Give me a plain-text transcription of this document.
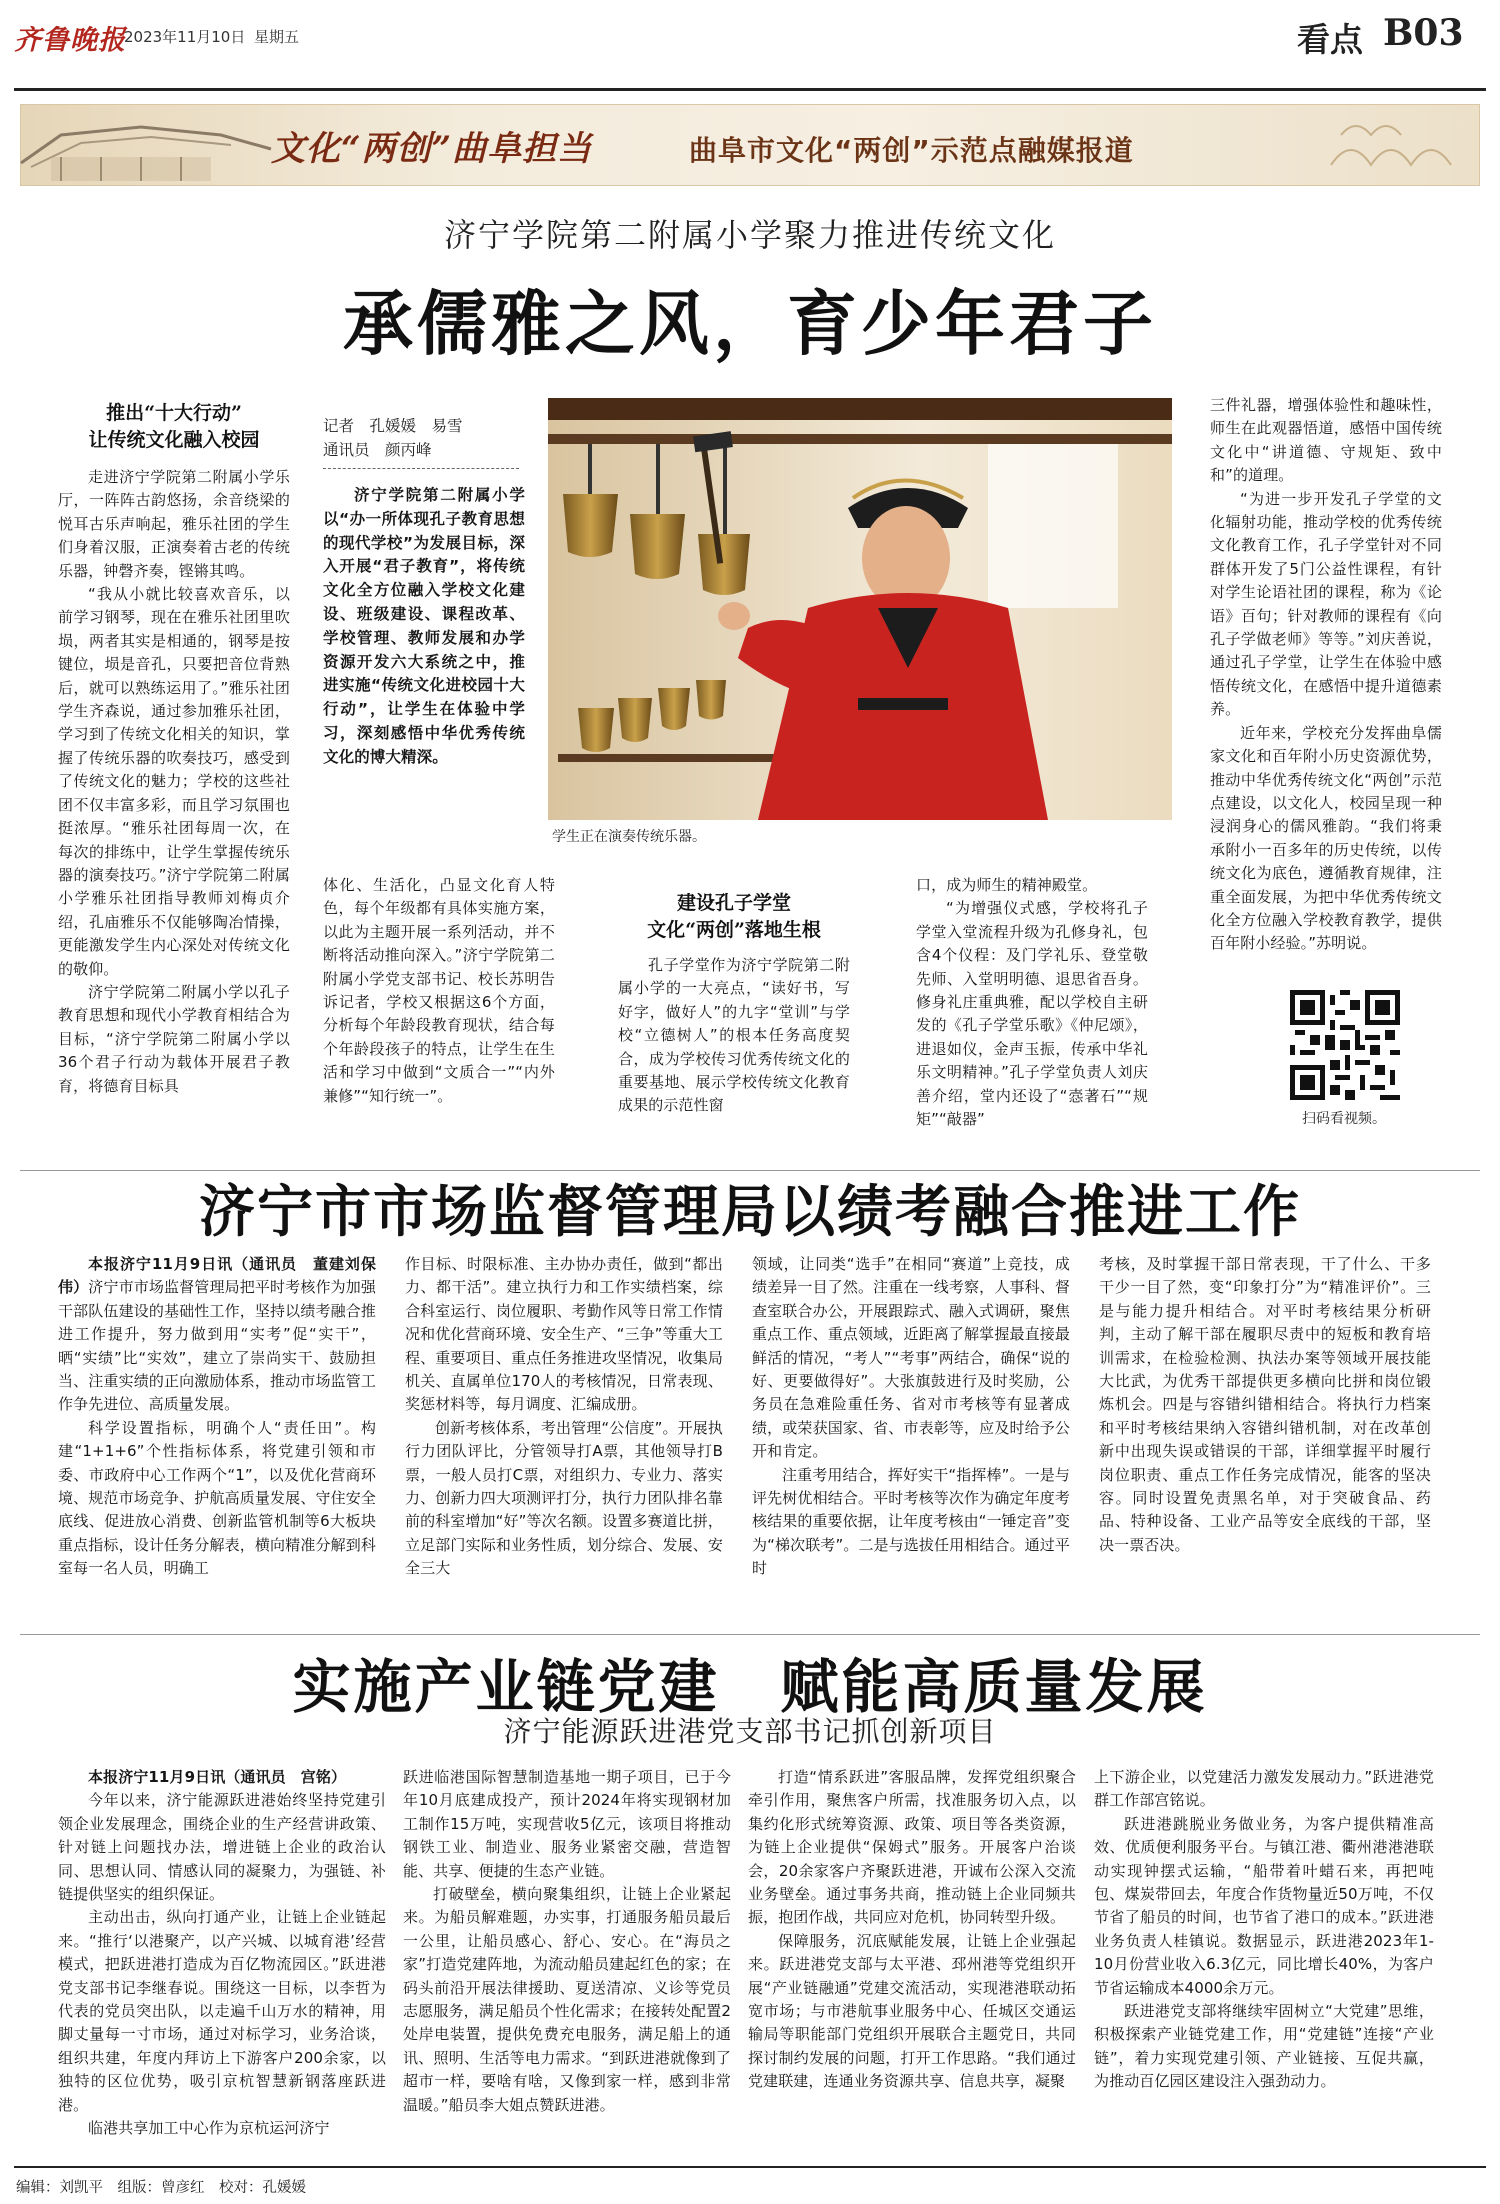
齐鲁晚报
2023年11月10日 星期五	看点 B03
文化“两创”曲阜担当	曲阜市文化“两创”示范点融媒报道
济宁学院第二附属小学聚力推进传统文化
承儒雅之风，育少年君子
推出“十大行动”
让传统文化融入校园

走进济宁学院第二附属小学乐厅，一阵阵古韵悠扬，余音绕梁的悦耳古乐声响起，雅乐社团的学生们身着汉服，正演奏着古老的传统乐器，钟磬齐奏，铿锵其鸣。

“我从小就比较喜欢音乐，以前学习钢琴，现在在雅乐社团里吹埙，两者其实是相通的，钢琴是按键位，埙是音孔，只要把音位背熟后，就可以熟练运用了。”雅乐社团学生齐森说，通过参加雅乐社团，学习到了传统文化相关的知识，掌握了传统乐器的吹奏技巧，感受到了传统文化的魅力；学校的这些社团不仅丰富多彩，而且学习氛围也挺浓厚。“雅乐社团每周一次，在每次的排练中，让学生掌握传统乐器的演奏技巧。”济宁学院第二附属小学雅乐社团指导教师刘梅贞介绍，孔庙雅乐不仅能够陶冶情操，更能激发学生内心深处对传统文化的敬仰。

济宁学院第二附属小学以孔子教育思想和现代小学教育相结合为目标，“济宁学院第二附属小学以36个君子行动为载体开展君子教育，将德育目标具

记者　孔媛媛　易雪
通讯员　颜丙峰

济宁学院第二附属小学以“办一所体现孔子教育思想的现代学校”为发展目标，深入开展“君子教育”，将传统文化全方位融入学校文化建设、班级建设、课程改革、学校管理、教师发展和办学资源开发六大系统之中，推进实施“传统文化进校园十大行动”，让学生在体验中学习，深刻感悟中华优秀传统文化的博大精深。

学生正在演奏传统乐器。

体化、生活化，凸显文化育人特色，每个年级都有具体实施方案，以此为主题开展一系列活动，并不断将活动推向深入。”济宁学院第二附属小学党支部书记、校长苏明告诉记者，学校又根据这6个方面，分析每个年龄段教育现状，结合每个年龄段孩子的特点，让学生在生活和学习中做到“文质合一”“内外兼修”“知行统一”。

建设孔子学堂
文化“两创”落地生根

孔子学堂作为济宁学院第二附属小学的一大亮点，“读好书，写好字，做好人”的九字“堂训”与学校“立德树人”的根本任务高度契合，成为学校传习优秀传统文化的重要基地、展示学校传统文化教育成果的示范性窗

口，成为师生的精神殿堂。

“为增强仪式感，学校将孔子学堂入堂流程升级为孔修身礼，包含4个仪程：及门学礼乐、登堂敬先师、入堂明明德、退思省吾身。修身礼庄重典雅，配以学校自主研发的《孔子学堂乐歌》《仲尼颂》，进退如仪，金声玉振，传承中华礼乐文明精神。”孔子学堂负责人刘庆善介绍，堂内还设了“悫著石”“规矩”“敲器”

三件礼器，增强体验性和趣味性，师生在此观器悟道，感悟中国传统文化中“讲道德、守规矩、致中和”的道理。

“为进一步开发孔子学堂的文化辐射功能，推动学校的优秀传统文化教育工作，孔子学堂针对不同群体开发了5门公益性课程，有针对学生论语社团的课程，称为《论语》百句；针对教师的课程有《向孔子学做老师》等等。”刘庆善说，通过孔子学堂，让学生在体验中感悟传统文化，在感悟中提升道德素养。

近年来，学校充分发挥曲阜儒家文化和百年附小历史资源优势，推动中华优秀传统文化“两创”示范点建设，以文化人，校园呈现一种浸润身心的儒风雅韵。“我们将秉承附小一百多年的历史传统，以传统文化为底色，遵循教育规律，注重全面发展，为把中华优秀传统文化全方位融入学校教育教学，提供百年附小经验。”苏明说。

扫码看视频。
济宁市市场监督管理局以绩考融合推进工作

本报济宁11月9日讯（通讯员　董建刘保伟）济宁市市场监督管理局把平时考核作为加强干部队伍建设的基础性工作，坚持以绩考融合推进工作提升，努力做到用“实考”促“实干”，晒“实绩”比“实效”，建立了崇尚实干、鼓励担当、注重实绩的正向激励体系，推动市场监管工作争先进位、高质量发展。

科学设置指标，明确个人“责任田”。构建“1+1+6”个性指标体系，将党建引领和市委、市政府中心工作两个“1”，以及优化营商环境、规范市场竞争、护航高质量发展、守住安全底线、促进放心消费、创新监管机制等6大板块重点指标，设计任务分解表，横向精准分解到科室每一名人员，明确工

作目标、时限标准、主办协办责任，做到“都出力、都干活”。建立执行力和工作实绩档案，综合科室运行、岗位履职、考勤作风等日常工作情况和优化营商环境、安全生产、“三争”等重大工程、重要项目、重点任务推进攻坚情况，收集局机关、直属单位170人的考核情况，日常表现、奖惩材料等，每月调度、汇编成册。

创新考核体系，考出管理“公信度”。开展执行力团队评比，分管领导打A票，其他领导打B票，一般人员打C票，对组织力、专业力、落实力、创新力四大项测评打分，执行力团队排名靠前的科室增加“好”等次名额。设置多赛道比拼，立足部门实际和业务性质，划分综合、发展、安全三大

领域，让同类“选手”在相同“赛道”上竞技，成绩差异一目了然。注重在一线考察，人事科、督查室联合办公，开展跟踪式、融入式调研，聚焦重点工作、重点领域，近距离了解掌握最直接最鲜活的情况，“考人”“考事”两结合，确保“说的好、更要做得好”。大张旗鼓进行及时奖励，公务员在急难险重任务、省对市考核等有显著成绩，或荣获国家、省、市表彰等，应及时给予公开和肯定。

注重考用结合，挥好实干“指挥棒”。一是与评先树优相结合。平时考核等次作为确定年度考核结果的重要依据，让年度考核由“一锤定音”变为“梯次联考”。二是与选拔任用相结合。通过平时

考核，及时掌握干部日常表现，干了什么、干多干少一目了然，变“印象打分”为“精准评价”。三是与能力提升相结合。对平时考核结果分析研判，主动了解干部在履职尽责中的短板和教育培训需求，在检验检测、执法办案等领域开展技能大比武，为优秀干部提供更多横向比拼和岗位锻炼机会。四是与容错纠错相结合。将执行力档案和平时考核结果纳入容错纠错机制，对在改革创新中出现失误或错误的干部，详细掌握平时履行岗位职责、重点工作任务完成情况，能客的坚决容。同时设置免责黑名单，对于突破食品、药品、特种设备、工业产品等安全底线的干部，坚决一票否决。

实施产业链党建　赋能高质量发展
济宁能源跃进港党支部书记抓创新项目

本报济宁11月9日讯（通讯员　宫铭）

今年以来，济宁能源跃进港始终坚持党建引领企业发展理念，围绕企业的生产经营讲政策、针对链上问题找办法，增进链上企业的政治认同、思想认同、情感认同的凝聚力，为强链、补链提供坚实的组织保证。

主动出击，纵向打通产业，让链上企业链起来。“推行‘以港聚产，以产兴城、以城育港’经营模式，把跃进港打造成为百亿物流园区。”跃进港党支部书记李继春说。围绕这一目标，以李哲为代表的党员突出队，以走遍千山万水的精神，用脚丈量每一寸市场，通过对标学习，业务洽谈，组织共建，年度内拜访上下游客户200余家，以独特的区位优势，吸引京杭智慧新钢落座跃进港。

临港共享加工中心作为京杭运河济宁

跃进临港国际智慧制造基地一期子项目，已于今年10月底建成投产，预计2024年将实现钢材加工制作15万吨，实现营收5亿元，该项目将推动钢铁工业、制造业、服务业紧密交融，营造智能、共享、便捷的生态产业链。

打破壁垒，横向聚集组织，让链上企业紧起来。为船员解难题，办实事，打通服务船员最后一公里，让船员感心、舒心、安心。在“海员之家”打造党建阵地，为流动船员建起红色的家；在码头前沿开展法律援助、夏送清凉、义诊等党员志愿服务，满足船员个性化需求；在接转处配置2处岸电装置，提供免费充电服务，满足船上的通讯、照明、生活等电力需求。“到跃进港就像到了超市一样，要啥有啥，又像到家一样，感到非常温暖。”船员李大姐点赞跃进港。

打造“情系跃进”客服品牌，发挥党组织聚合牵引作用，聚焦客户所需，找准服务切入点，以集约化形式统筹资源、政策、项目等各类资源，为链上企业提供“保姆式”服务。开展客户治谈会，20余家客户齐聚跃进港，开诚布公深入交流业务壁垒。通过事务共商，推动链上企业同频共振，抱团作战，共同应对危机，协同转型升级。

保障服务，沉底赋能发展，让链上企业强起来。跃进港党支部与太平港、邳州港等党组织开展“产业链融通”党建交流活动，实现港港联动拓宽市场；与市港航事业服务中心、任城区交通运输局等职能部门党组织开展联合主题党日，共同探讨制约发展的问题，打开工作思路。“我们通过党建联建，连通业务资源共享、信息共享，凝聚

上下游企业，以党建活力激发发展动力。”跃进港党群工作部宫铭说。

跃进港跳脱业务做业务，为客户提供精准高效、优质便利服务平台。与镇江港、衢州港港港联动实现钟摆式运输，“船带着叶蜡石来，再把吨包、煤炭带回去，年度合作货物量近50万吨，不仅节省了船员的时间，也节省了港口的成本。”跃进港业务负责人桂镇说。数据显示，跃进港2023年1-10月份营业收入6.3亿元，同比增长40%，为客户节省运输成本4000余万元。

跃进港党支部将继续牢固树立“大党建”思维，积极探索产业链党建工作，用“党建链”连接“产业链”，着力实现党建引领、产业链接、互促共赢，为推动百亿园区建设注入强劲动力。

编辑：刘凯平　组版：曾彦红　校对：孔媛媛
